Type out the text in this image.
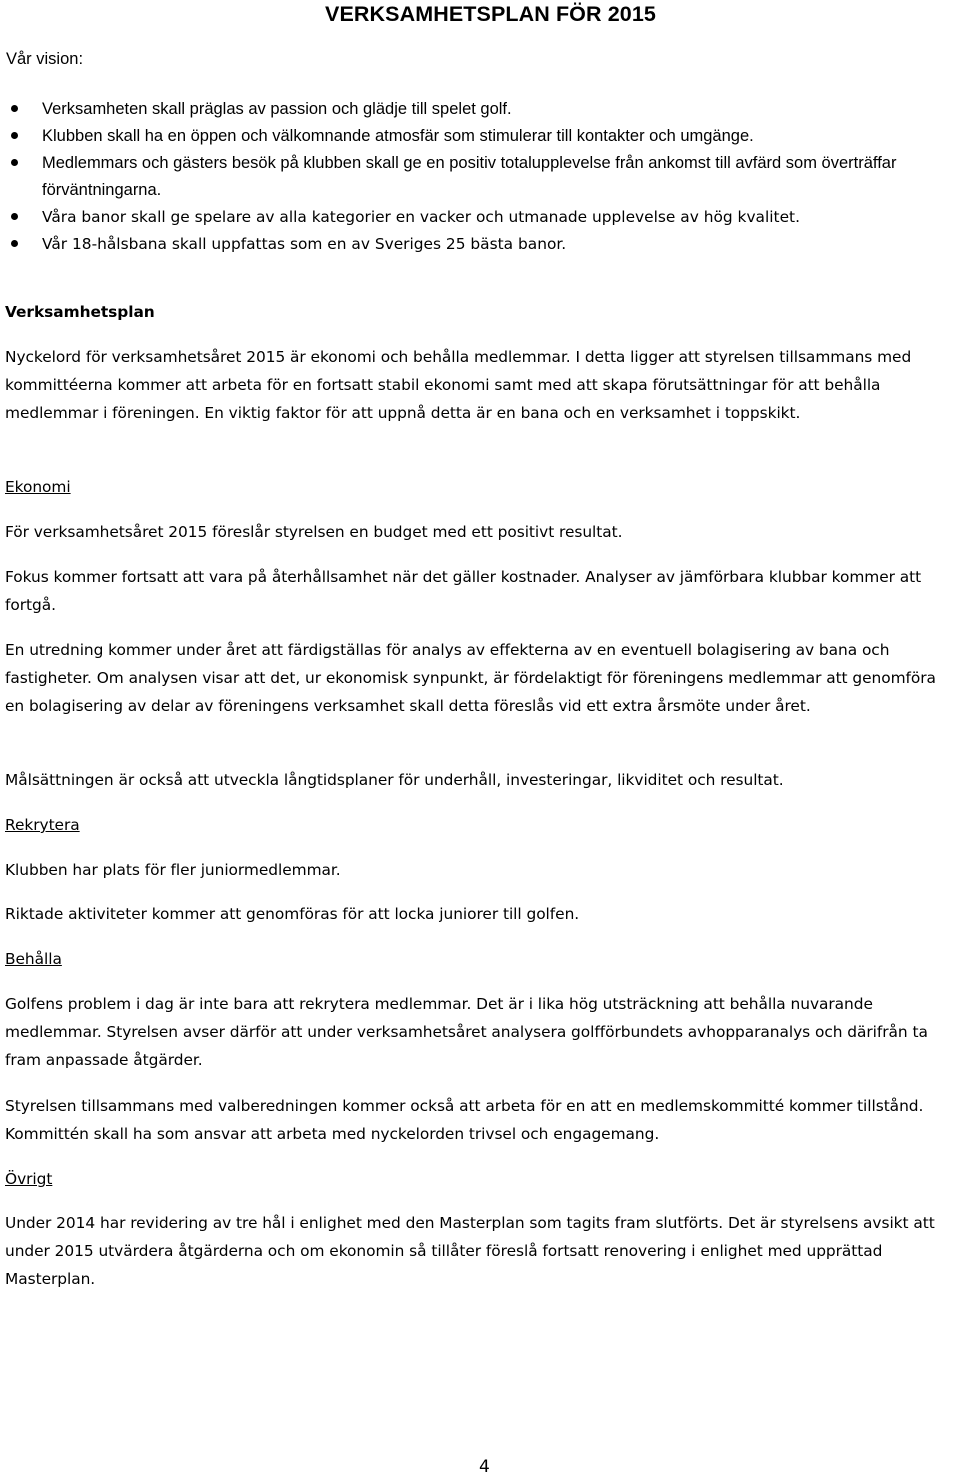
VERKSAMHETSPLAN FÖR 2015

Vår vision:

Verksamheten skall präglas av passion och glädje till spelet golf.
Klubben skall ha en öppen och välkomnande atmosfär som stimulerar till kontakter och umgänge.
Medlemmars och gästers besök på klubben skall ge en positiv totalupplevelse från ankomst till avfärd som överträffar förväntningarna.
Våra banor skall ge spelare av alla kategorier en vacker och utmanade upplevelse av hög kvalitet.
Vår 18-hålsbana skall uppfattas som en av Sveriges 25 bästa banor.

Verksamhetsplan

Nyckelord för verksamhetsåret 2015 är ekonomi och behålla medlemmar. I detta ligger att styrelsen tillsammans med kommittéerna kommer att arbeta för en fortsatt stabil ekonomi samt med att skapa förutsättningar för att behålla medlemmar i föreningen. En viktig faktor för att uppnå detta är en bana och en verksamhet i toppskikt.

Ekonomi

För verksamhetsåret 2015 föreslår styrelsen en budget med ett positivt resultat.

Fokus kommer fortsatt att vara på återhållsamhet när det gäller kostnader. Analyser av jämförbara klubbar kommer att fortgå.

En utredning kommer under året att färdigställas för analys av effekterna av en eventuell bolagisering av bana och fastigheter. Om analysen visar att det, ur ekonomisk synpunkt, är fördelaktigt för föreningens medlemmar att genomföra en bolagisering av delar av föreningens verksamhet skall detta föreslås vid ett extra årsmöte under året.

Målsättningen är också att utveckla långtidsplaner för underhåll, investeringar, likviditet och resultat.

Rekrytera

Klubben har plats för fler juniormedlemmar.

Riktade aktiviteter kommer att genomföras för att locka juniorer till golfen.

Behålla

Golfens problem i dag är inte bara att rekrytera medlemmar. Det är i lika hög utsträckning att behålla nuvarande medlemmar. Styrelsen avser därför att under verksamhetsåret analysera golfförbundets avhopparanalys och därifrån ta fram anpassade åtgärder.

Styrelsen tillsammans med valberedningen kommer också att arbeta för en att en medlemskommitté kommer tillstånd. Kommittén skall ha som ansvar att arbeta med nyckelorden trivsel och engagemang.

Övrigt

Under 2014 har revidering av tre hål i enlighet med den Masterplan som tagits fram slutförts. Det är styrelsens avsikt att under 2015 utvärdera åtgärderna och om ekonomin så tillåter föreslå fortsatt renovering i enlighet med upprättad Masterplan.

4
